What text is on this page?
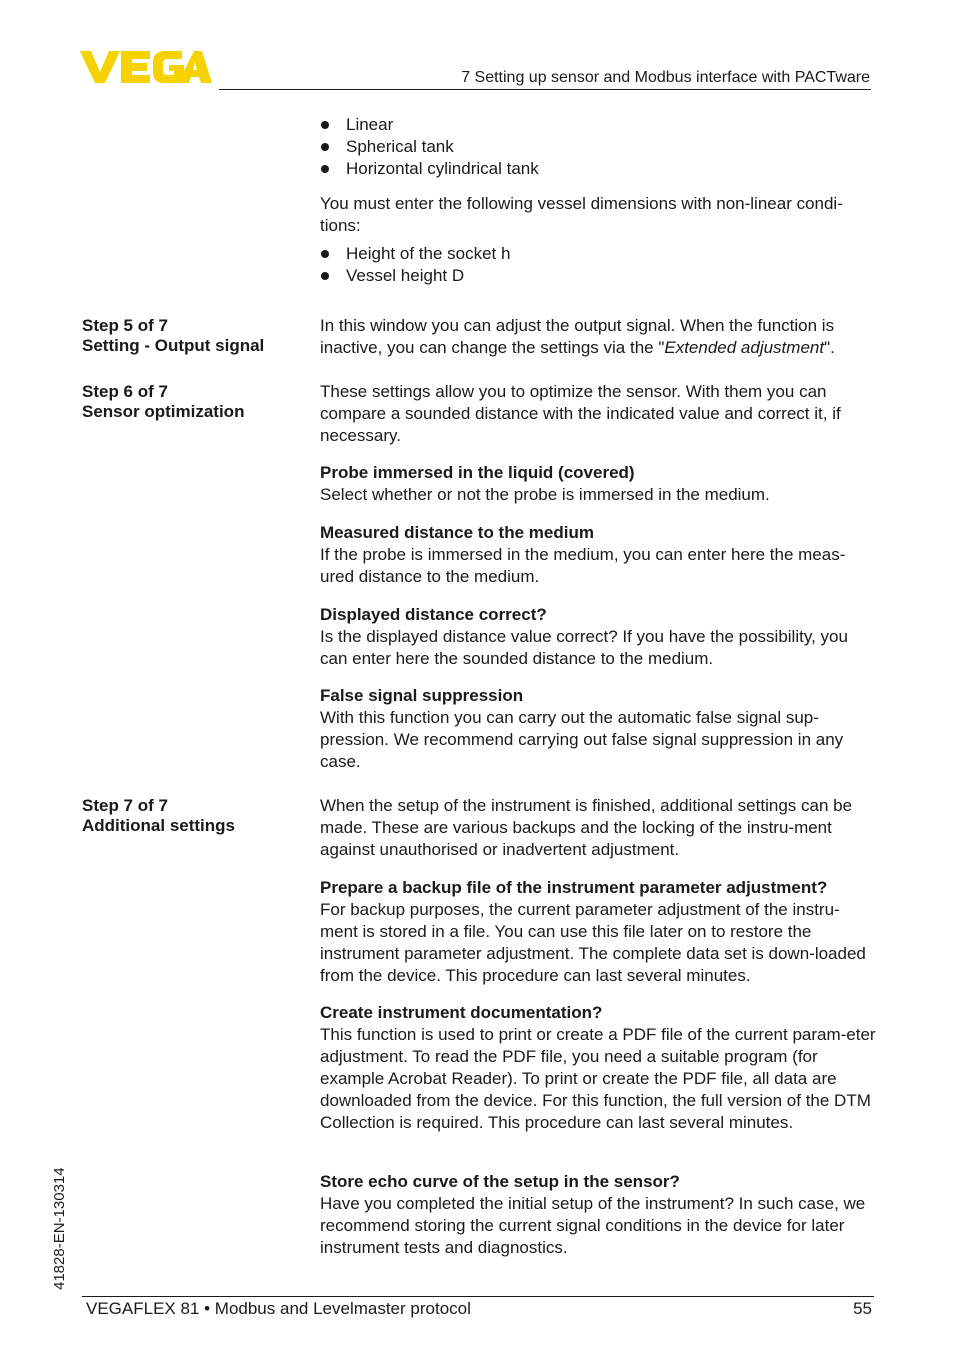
7 Setting up sensor and Modbus interface with PACTware
Linear
Spherical tank
Horizontal cylindrical tank

You must enter the following vessel dimensions with non-linear condi-tions:

Height of the socket h
Vessel height D
Step 5 of 7
Setting - Output signal

In this window you can adjust the output signal. When the function is inactive, you can change the settings via the "Extended adjustment".

Step 6 of 7
Sensor optimization

These settings allow you to optimize the sensor. With them you can compare a sounded distance with the indicated value and correct it, if necessary.

Probe immersed in the liquid (covered)

Select whether or not the probe is immersed in the medium.

Measured distance to the medium

If the probe is immersed in the medium, you can enter here the meas-ured distance to the medium.

Displayed distance correct?

Is the displayed distance value correct? If you have the possibility, you can enter here the sounded distance to the medium.

False signal suppression

With this function you can carry out the automatic false signal sup-pression. We recommend carrying out false signal suppression in any case.

Step 7 of 7
Additional settings

When the setup of the instrument is finished, additional settings can be made. These are various backups and the locking of the instru-ment against unauthorised or inadvertent adjustment.

Prepare a backup file of the instrument parameter adjustment?

For backup purposes, the current parameter adjustment of the instru-ment is stored in a file. You can use this file later on to restore the instrument parameter adjustment. The complete data set is down-loaded from the device. This procedure can last several minutes.

Create instrument documentation?

This function is used to print or create a PDF file of the current param-eter adjustment. To read the PDF file, you need a suitable program (for example Acrobat Reader). To print or create the PDF file, all data are downloaded from the device. For this function, the full version of the DTM Collection is required. This procedure can last several minutes.

Store echo curve of the setup in the sensor?

Have you completed the initial setup of the instrument? In such case, we recommend storing the current signal conditions in the device for later instrument tests and diagnostics.

41828-EN-130314
VEGAFLEX 81 • Modbus and Levelmaster protocol	55
